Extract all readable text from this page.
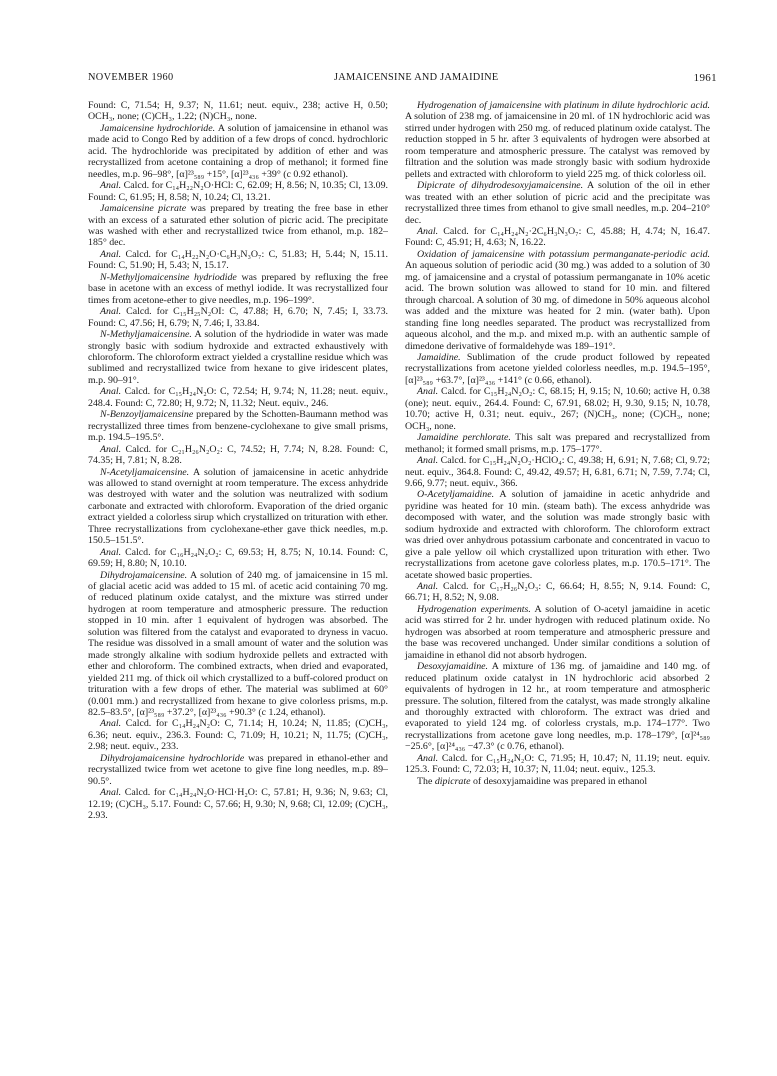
NOVEMBER 1960	JAMAICENSINE AND JAMAIDINE	1961

Found: C, 71.54; H, 9.37; N, 11.61; neut. equiv., 238; active H, 0.50; OCH₃, none; (C)CH₃, 1.22; (N)CH₃, none.

Jamaicensine hydrochloride. A solution of jamaicensine in ethanol was made acid to Congo Red by addition of a few drops of concd. hydrochloric acid. The hydrochloride was precipitated by addition of ether and was recrystallized from acetone containing a drop of methanol; it formed fine needles, m.p. 96–98°, [α]²³₅₈₉ +15°, [α]²³₄₃₆ +39° (c 0.92 ethanol).

Anal. Calcd. for C₁₄H₂₂N₂O·HCl: C, 62.09; H, 8.56; N, 10.35; Cl, 13.09. Found: C, 61.95; H, 8.58; N, 10.24; Cl, 13.21.

Jamaicensine picrate was prepared by treating the free base in ether with an excess of a saturated ether solution of picric acid. The precipitate was washed with ether and recrystallized twice from ethanol, m.p. 182–185° dec.

Anal. Calcd. for C₁₄H₂₂N₂O·C₆H₃N₃O₇: C, 51.83; H, 5.44; N, 15.11. Found: C, 51.90; H, 5.43; N, 15.17.

N-Methyljomaicensine hydriodide was prepared by refluxing the free base in acetone with an excess of methyl iodide. It was recrystallized four times from acetone-ether to give needles, m.p. 196–199°.

Anal. Calcd. for C₁₅H₂₅N₂OI: C, 47.88; H, 6.70; N, 7.45; I, 33.73. Found: C, 47.56; H, 6.79; N, 7.46; I, 33.84.

N-Methyljamaicensine. A solution of the hydriodide in water was made strongly basic with sodium hydroxide and extracted exhaustively with chloroform. The chloroform extract yielded a crystalline residue which was sublimed and recrystallized twice from hexane to give iridescent plates, m.p. 90–91°.

Anal. Calcd. for C₁₅H₂₄N₂O: C, 72.54; H, 9.74; N, 11.28; neut. equiv., 248.4. Found: C, 72.80; H, 9.72; N, 11.32; Neut. equiv., 246.

N-Benzoyljamaicensine prepared by the Schotten-Baumann method was recrystallized three times from benzene-cyclohexane to give small prisms, m.p. 194.5–195.5°.

Anal. Calcd. for C₂₁H₂₆N₂O₂: C, 74.52; H, 7.74; N, 8.28. Found: C, 74.35; H, 7.81; N, 8.28.

N-Acetyljamaicensine. A solution of jamaicensine in acetic anhydride was allowed to stand overnight at room temperature. The excess anhydride was destroyed with water and the solution was neutralized with sodium carbonate and extracted with chloroform. Evaporation of the dried organic extract yielded a colorless sirup which crystallized on trituration with ether. Three recrystallizations from cyclohexane-ether gave thick needles, m.p. 150.5–151.5°.

Anal. Calcd. for C₁₆H₂₄N₂O₂: C, 69.53; H, 8.75; N, 10.14. Found: C, 69.59; H, 8.80; N, 10.10.

Dihydrojamaicensine. A solution of 240 mg. of jamaicensine in 15 ml. of glacial acetic acid was added to 15 ml. of acetic acid containing 70 mg. of reduced platinum oxide catalyst, and the mixture was stirred under hydrogen at room temperature and atmospheric pressure. The reduction stopped in 10 min. after 1 equivalent of hydrogen was absorbed. The solution was filtered from the catalyst and evaporated to dryness in vacuo. The residue was dissolved in a small amount of water and the solution was made strongly alkaline with sodium hydroxide pellets and extracted with ether and chloroform. The combined extracts, when dried and evaporated, yielded 211 mg. of thick oil which crystallized to a buff-colored product on trituration with a few drops of ether. The material was sublimed at 60° (0.001 mm.) and recrystallized from hexane to give colorless prisms, m.p. 82.5–83.5°, [α]²³₅₈₉ +37.2°, [α]²³₄₃₆ +90.3° (c 1.24, ethanol).

Anal. Calcd. for C₁₄H₂₄N₂O: C, 71.14; H, 10.24; N, 11.85; (C)CH₃, 6.36; neut. equiv., 236.3. Found: C, 71.09; H, 10.21; N, 11.75; (C)CH₃, 2.98; neut. equiv., 233.

Dihydrojamaicensine hydrochloride was prepared in ethanol-ether and recrystallized twice from wet acetone to give fine long needles, m.p. 89–90.5°.

Anal. Calcd. for C₁₄H₂₄N₂O·HCl·H₂O: C, 57.81; H, 9.36; N, 9.63; Cl, 12.19; (C)CH₃, 5.17. Found: C, 57.66; H, 9.30; N, 9.68; Cl, 12.09; (C)CH₃, 2.93.

Hydrogenation of jamaicensine with platinum in dilute hydrochloric acid. A solution of 238 mg. of jamaicensine in 20 ml. of 1N hydrochloric acid was stirred under hydrogen with 250 mg. of reduced platinum oxide catalyst. The reduction stopped in 5 hr. after 3 equivalents of hydrogen were absorbed at room temperature and atmospheric pressure. The catalyst was removed by filtration and the solution was made strongly basic with sodium hydroxide pellets and extracted with chloroform to yield 225 mg. of thick colorless oil.

Dipicrate of dihydrodesoxyjamaicensine. A solution of the oil in ether was treated with an ether solution of picric acid and the precipitate was recrystallized three times from ethanol to give small needles, m.p. 204–210° dec.

Anal. Calcd. for C₁₄H₂₄N₂·2C₆H₃N₃O₇: C, 45.88; H, 4.74; N, 16.47. Found: C, 45.91; H, 4.63; N, 16.22.

Oxidation of jamaicensine with potassium permanganate-periodic acid. An aqueous solution of periodic acid (30 mg.) was added to a solution of 30 mg. of jamaicensine and a crystal of potassium permanganate in 10% acetic acid. The brown solution was allowed to stand for 10 min. and filtered through charcoal. A solution of 30 mg. of dimedone in 50% aqueous alcohol was added and the mixture was heated for 2 min. (water bath). Upon standing fine long needles separated. The product was recrystallized from aqueous alcohol, and the m.p. and mixed m.p. with an authentic sample of dimedone derivative of formaldehyde was 189–191°.

Jamaidine. Sublimation of the crude product followed by repeated recrystallizations from acetone yielded colorless needles, m.p. 194.5–195°, [α]²³₅₈₉ +63.7°, [α]²³₄₃₆ +141° (c 0.66, ethanol).

Anal. Calcd. for C₁₅H₂₄N₂O₂: C, 68.15; H, 9.15; N, 10.60; active H, 0.38 (one); neut. equiv., 264.4. Found: C, 67.91, 68.02; H, 9.30, 9.15; N, 10.78, 10.70; active H, 0.31; neut. equiv., 267; (N)CH₃, none; (C)CH₃, none; OCH₃, none.

Jamaidine perchlorate. This salt was prepared and recrystallized from methanol; it formed small prisms, m.p. 175–177°.

Anal. Calcd. for C₁₅H₂₄N₂O₂·HClO₄: C, 49.38; H, 6.91; N, 7.68; Cl, 9.72; neut. equiv., 364.8. Found: C, 49.42, 49.57; H, 6.81, 6.71; N, 7.59, 7.74; Cl, 9.66, 9.77; neut. equiv., 366.

O-Acetyljamaidine. A solution of jamaidine in acetic anhydride and pyridine was heated for 10 min. (steam bath). The excess anhydride was decomposed with water, and the solution was made strongly basic with sodium hydroxide and extracted with chloroform. The chloroform extract was dried over anhydrous potassium carbonate and concentrated in vacuo to give a pale yellow oil which crystallized upon trituration with ether. Two recrystallizations from acetone gave colorless plates, m.p. 170.5–171°. The acetate showed basic properties.

Anal. Calcd. for C₁₇H₂₆N₂O₃: C, 66.64; H, 8.55; N, 9.14. Found: C, 66.71; H, 8.52; N, 9.08.

Hydrogenation experiments. A solution of O-acetyl jamaidine in acetic acid was stirred for 2 hr. under hydrogen with reduced platinum oxide. No hydrogen was absorbed at room temperature and atmospheric pressure and the base was recovered unchanged. Under similar conditions a solution of jamaidine in ethanol did not absorb hydrogen.

Desoxyjamaidine. A mixture of 136 mg. of jamaidine and 140 mg. of reduced platinum oxide catalyst in 1N hydrochloric acid absorbed 2 equivalents of hydrogen in 12 hr., at room temperature and atmospheric pressure. The solution, filtered from the catalyst, was made strongly alkaline and thoroughly extracted with chloroform. The extract was dried and evaporated to yield 124 mg. of colorless crystals, m.p. 174–177°. Two recrystallizations from acetone gave long needles, m.p. 178–179°, [α]²⁴₅₈₉ −25.6°, [α]²⁴₄₃₆ −47.3° (c 0.76, ethanol).

Anal. Calcd. for C₁₅H₂₄N₂O: C, 71.95; H, 10.47; N, 11.19; neut. equiv. 125.3. Found: C, 72.03; H, 10.37; N, 11.04; neut. equiv., 125.3.

The dipicrate of desoxyjamaidine was prepared in ethanol
